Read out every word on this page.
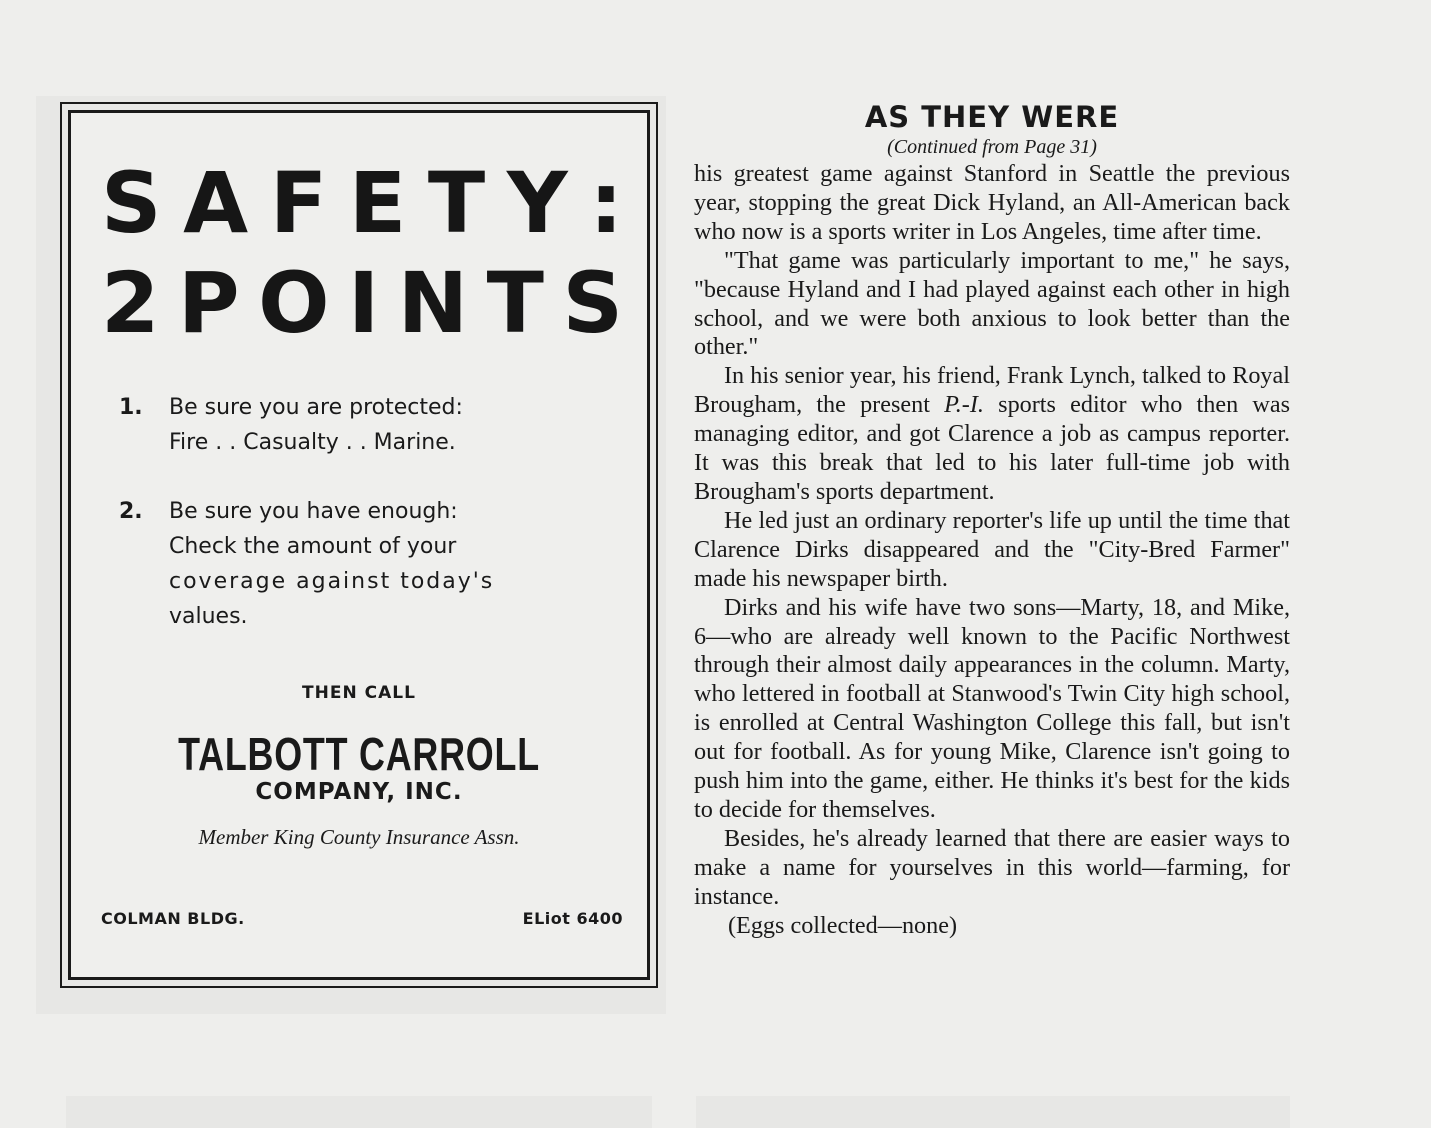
S A F E T Y :
2 P O I N T S
1. Be sure you are protected:
Fire . . Casualty . . Marine.
2. Be sure you have enough:
Check the amount of your
coverage against today's
values.
THEN CALL
TALBOTT CARROLL
COMPANY, INC.
Member King County Insurance Assn.
COLMAN BLDG.	ELiot 6400
AS THEY WERE
(Continued from Page 31)

his greatest game against Stanford in Seattle the previous year, stopping the great Dick Hyland, an All-American back who now is a sports writer in Los Angeles, time after time.

"That game was particularly important to me," he says, "because Hyland and I had played against each other in high school, and we were both anxious to look better than the other."

In his senior year, his friend, Frank Lynch, talked to Royal Brougham, the present P.-I. sports editor who then was managing editor, and got Clarence a job as campus reporter. It was this break that led to his later full-time job with Brougham's sports department.

He led just an ordinary reporter's life up until the time that Clarence Dirks disappeared and the "City-Bred Farmer" made his newspaper birth.

Dirks and his wife have two sons—Marty, 18, and Mike, 6—who are already well known to the Pacific Northwest through their almost daily appearances in the column. Marty, who lettered in football at Stanwood's Twin City high school, is enrolled at Central Washington College this fall, but isn't out for football. As for young Mike, Clarence isn't going to push him into the game, either. He thinks it's best for the kids to decide for themselves.

Besides, he's already learned that there are easier ways to make a name for yourselves in this world—farming, for instance.

(Eggs collected—none)
